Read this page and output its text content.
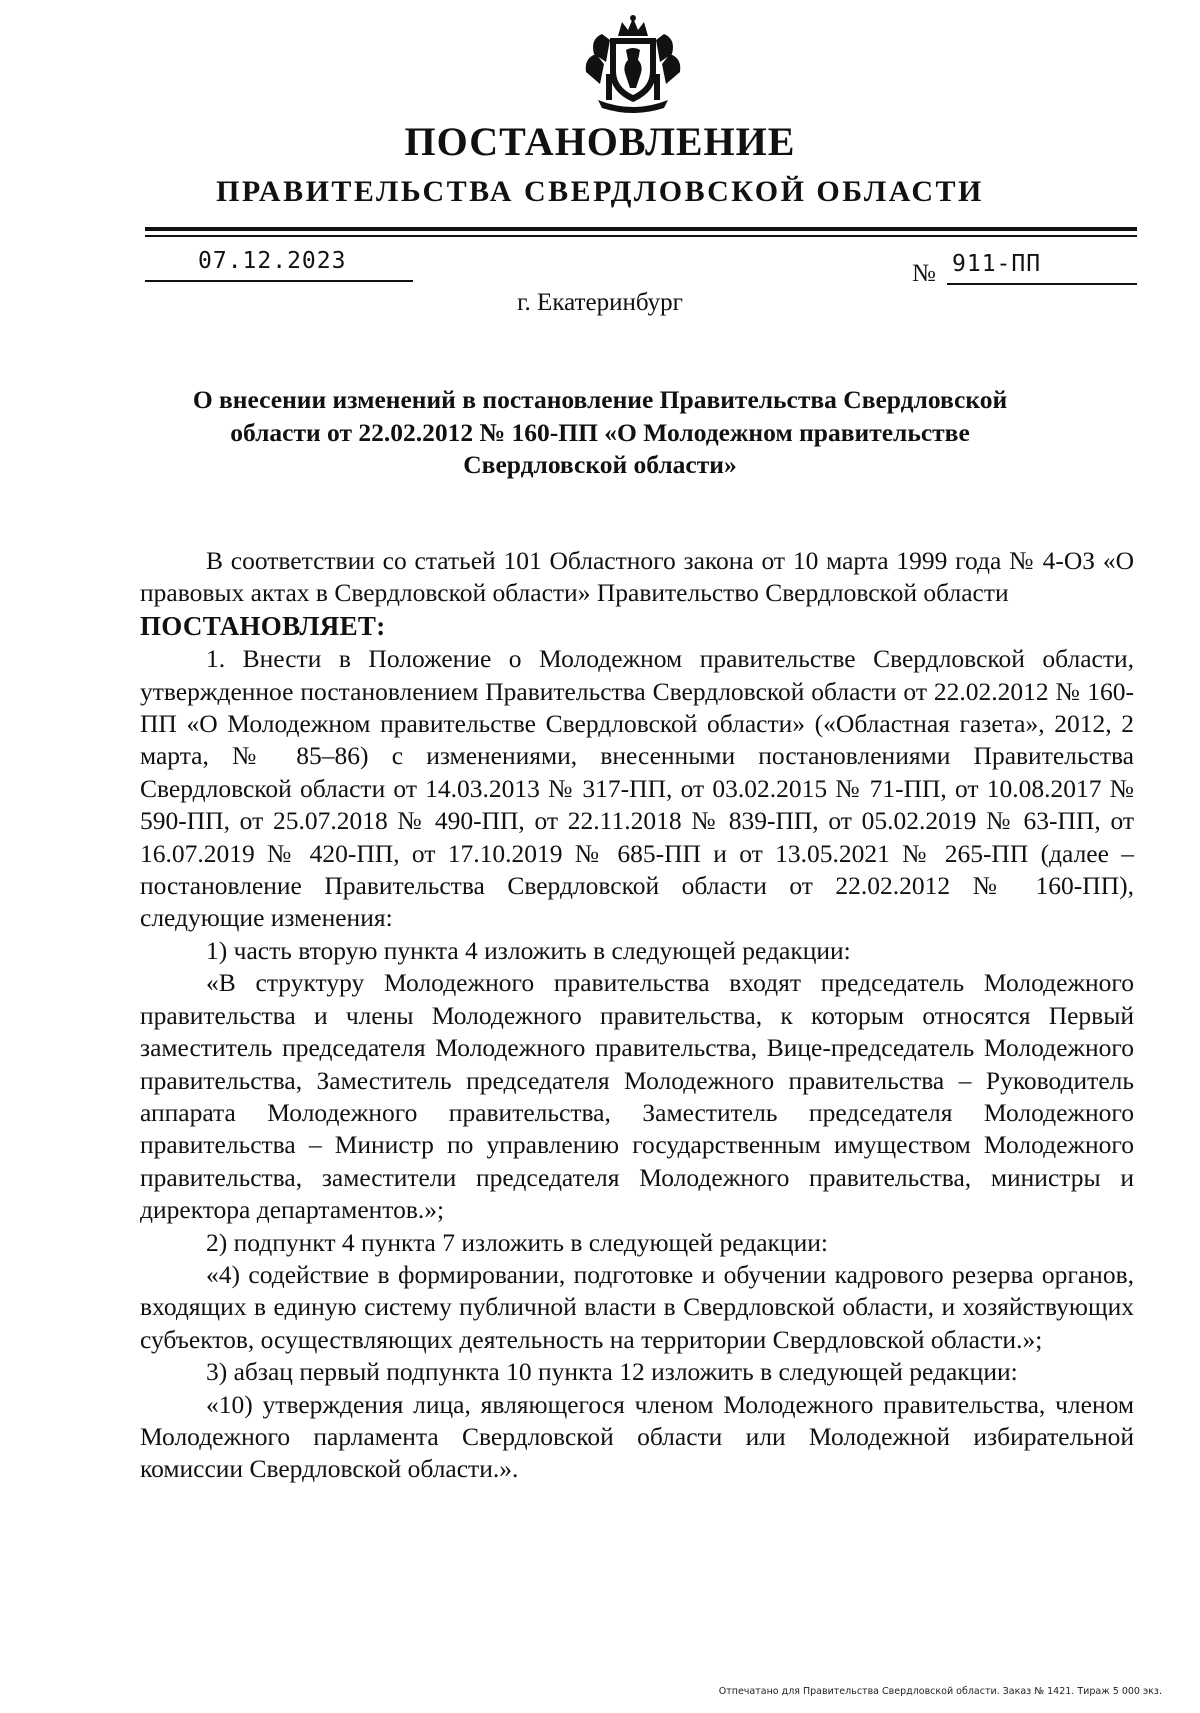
ПОСТАНОВЛЕНИЕ
ПРАВИТЕЛЬСТВА СВЕРДЛОВСКОЙ ОБЛАСТИ
07.12.2023	№ 911-ПП
г. Екатеринбург
О внесении изменений в постановление Правительства Свердловской области от 22.02.2012 № 160-ПП «О Молодежном правительстве Свердловской области»

В соответствии со статьей 101 Областного закона от 10 марта 1999 года № 4-ОЗ «О правовых актах в Свердловской области» Правительство Свердловской области

ПОСТАНОВЛЯЕТ:

1. Внести в Положение о Молодежном правительстве Свердловской области, утвержденное постановлением Правительства Свердловской области от 22.02.2012 № 160-ПП «О Молодежном правительстве Свердловской области» («Областная газета», 2012, 2 марта, № 85–86) с изменениями, внесенными постановлениями Правительства Свердловской области от 14.03.2013 № 317-ПП, от 03.02.2015 № 71-ПП, от 10.08.2017 № 590-ПП, от 25.07.2018 № 490-ПП, от 22.11.2018 № 839-ПП, от 05.02.2019 № 63-ПП, от 16.07.2019 № 420-ПП, от 17.10.2019 № 685-ПП и от 13.05.2021 № 265-ПП (далее – постановление Правительства Свердловской области от 22.02.2012 № 160-ПП), следующие изменения:

1) часть вторую пункта 4 изложить в следующей редакции:

«В структуру Молодежного правительства входят председатель Молодежного правительства и члены Молодежного правительства, к которым относятся Первый заместитель председателя Молодежного правительства, Вице-председатель Молодежного правительства, Заместитель председателя Молодежного правительства – Руководитель аппарата Молодежного правительства, Заместитель председателя Молодежного правительства – Министр по управлению государственным имуществом Молодежного правительства, заместители председателя Молодежного правительства, министры и директора департаментов.»;

2) подпункт 4 пункта 7 изложить в следующей редакции:

«4) содействие в формировании, подготовке и обучении кадрового резерва органов, входящих в единую систему публичной власти в Свердловской области, и хозяйствующих субъектов, осуществляющих деятельность на территории Свердловской области.»;

3) абзац первый подпункта 10 пункта 12 изложить в следующей редакции:

«10) утверждения лица, являющегося членом Молодежного правительства, членом Молодежного парламента Свердловской области или Молодежной избирательной комиссии Свердловской области.».

Отпечатано для Правительства Свердловской области. Заказ № 1421. Тираж 5 000 экз.
